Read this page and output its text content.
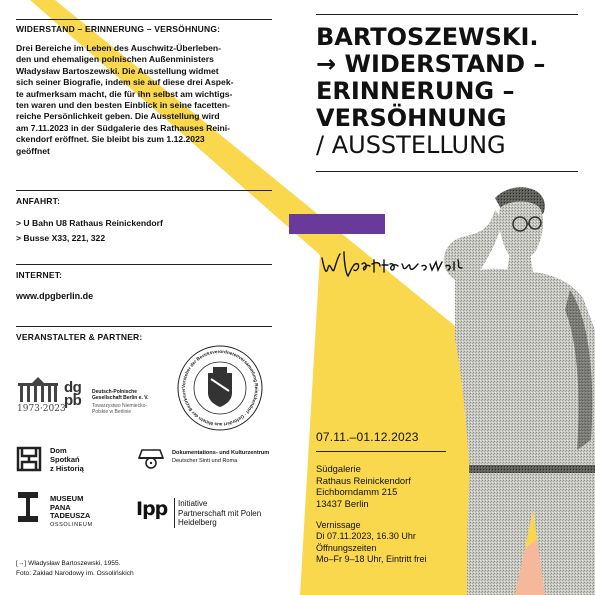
WIDERSTAND – ERINNERUNG – VERSÖHNUNG:
Drei Bereiche im Leben des Auschwitz-Überleben-
den und ehemaligen polnischen Außenministers
Władysław Bartoszewski. Die Ausstellung widmet
sich seiner Biografie, indem sie auf diese drei Aspek-
te aufmerksam macht, die für ihn selbst am wichtigs-
ten waren und den besten Einblick in seine facetten-
reiche Persönlichkeit geben. Die Ausstellung wird
am 7.11.2023 in der Südgalerie des Rathauses Reini-
ckendorf eröffnet. Sie bleibt bis zum 1.12.2023
geöffnet
ANFAHRT:
> U Bahn U8 Rathaus Reinickendorf
> Busse X33, 221, 322
INTERNET:
www.dpgberlin.de
VERANSTALTER & PARTNER:
1973·2023
dg pb	Deutsch-Polnische Gesellschaft Berlin e. V.
Towarzystwo Niemiecko-Polskie w Berlinie
Vorsteher der Bezirksverordnetenversammlung Reinickendorf · Gefördert aus Mitteln der Bezirksver
Dom
Spotkań
z Historią
Dokumentations- und Kulturzentrum
Deutscher Sinti und Roma
MUSEUM
PANA
TADEUSZA
OSSOLINEUM
Ipp Initiative
Partnerschaft mit Polen
Heidelberg
[→] Władysław Bartoszewski, 1955.
Foto: Zakład Narodowy im. Ossolińskich
BARTOSZEWSKI.
→ WIDERSTAND –
ERINNERUNG –
VERSÖHNUNG
/ AUSSTELLUNG
W. Bartoszewski
07.11.–01.12.2023
Südgalerie
Rathaus Reinickendorf
Eichborndamm 215
13437 Berlin
Vernissage
Di 07.11.2023, 16.30 Uhr
Öffnungszeiten
Mo–Fr 9–18 Uhr, Eintritt frei
